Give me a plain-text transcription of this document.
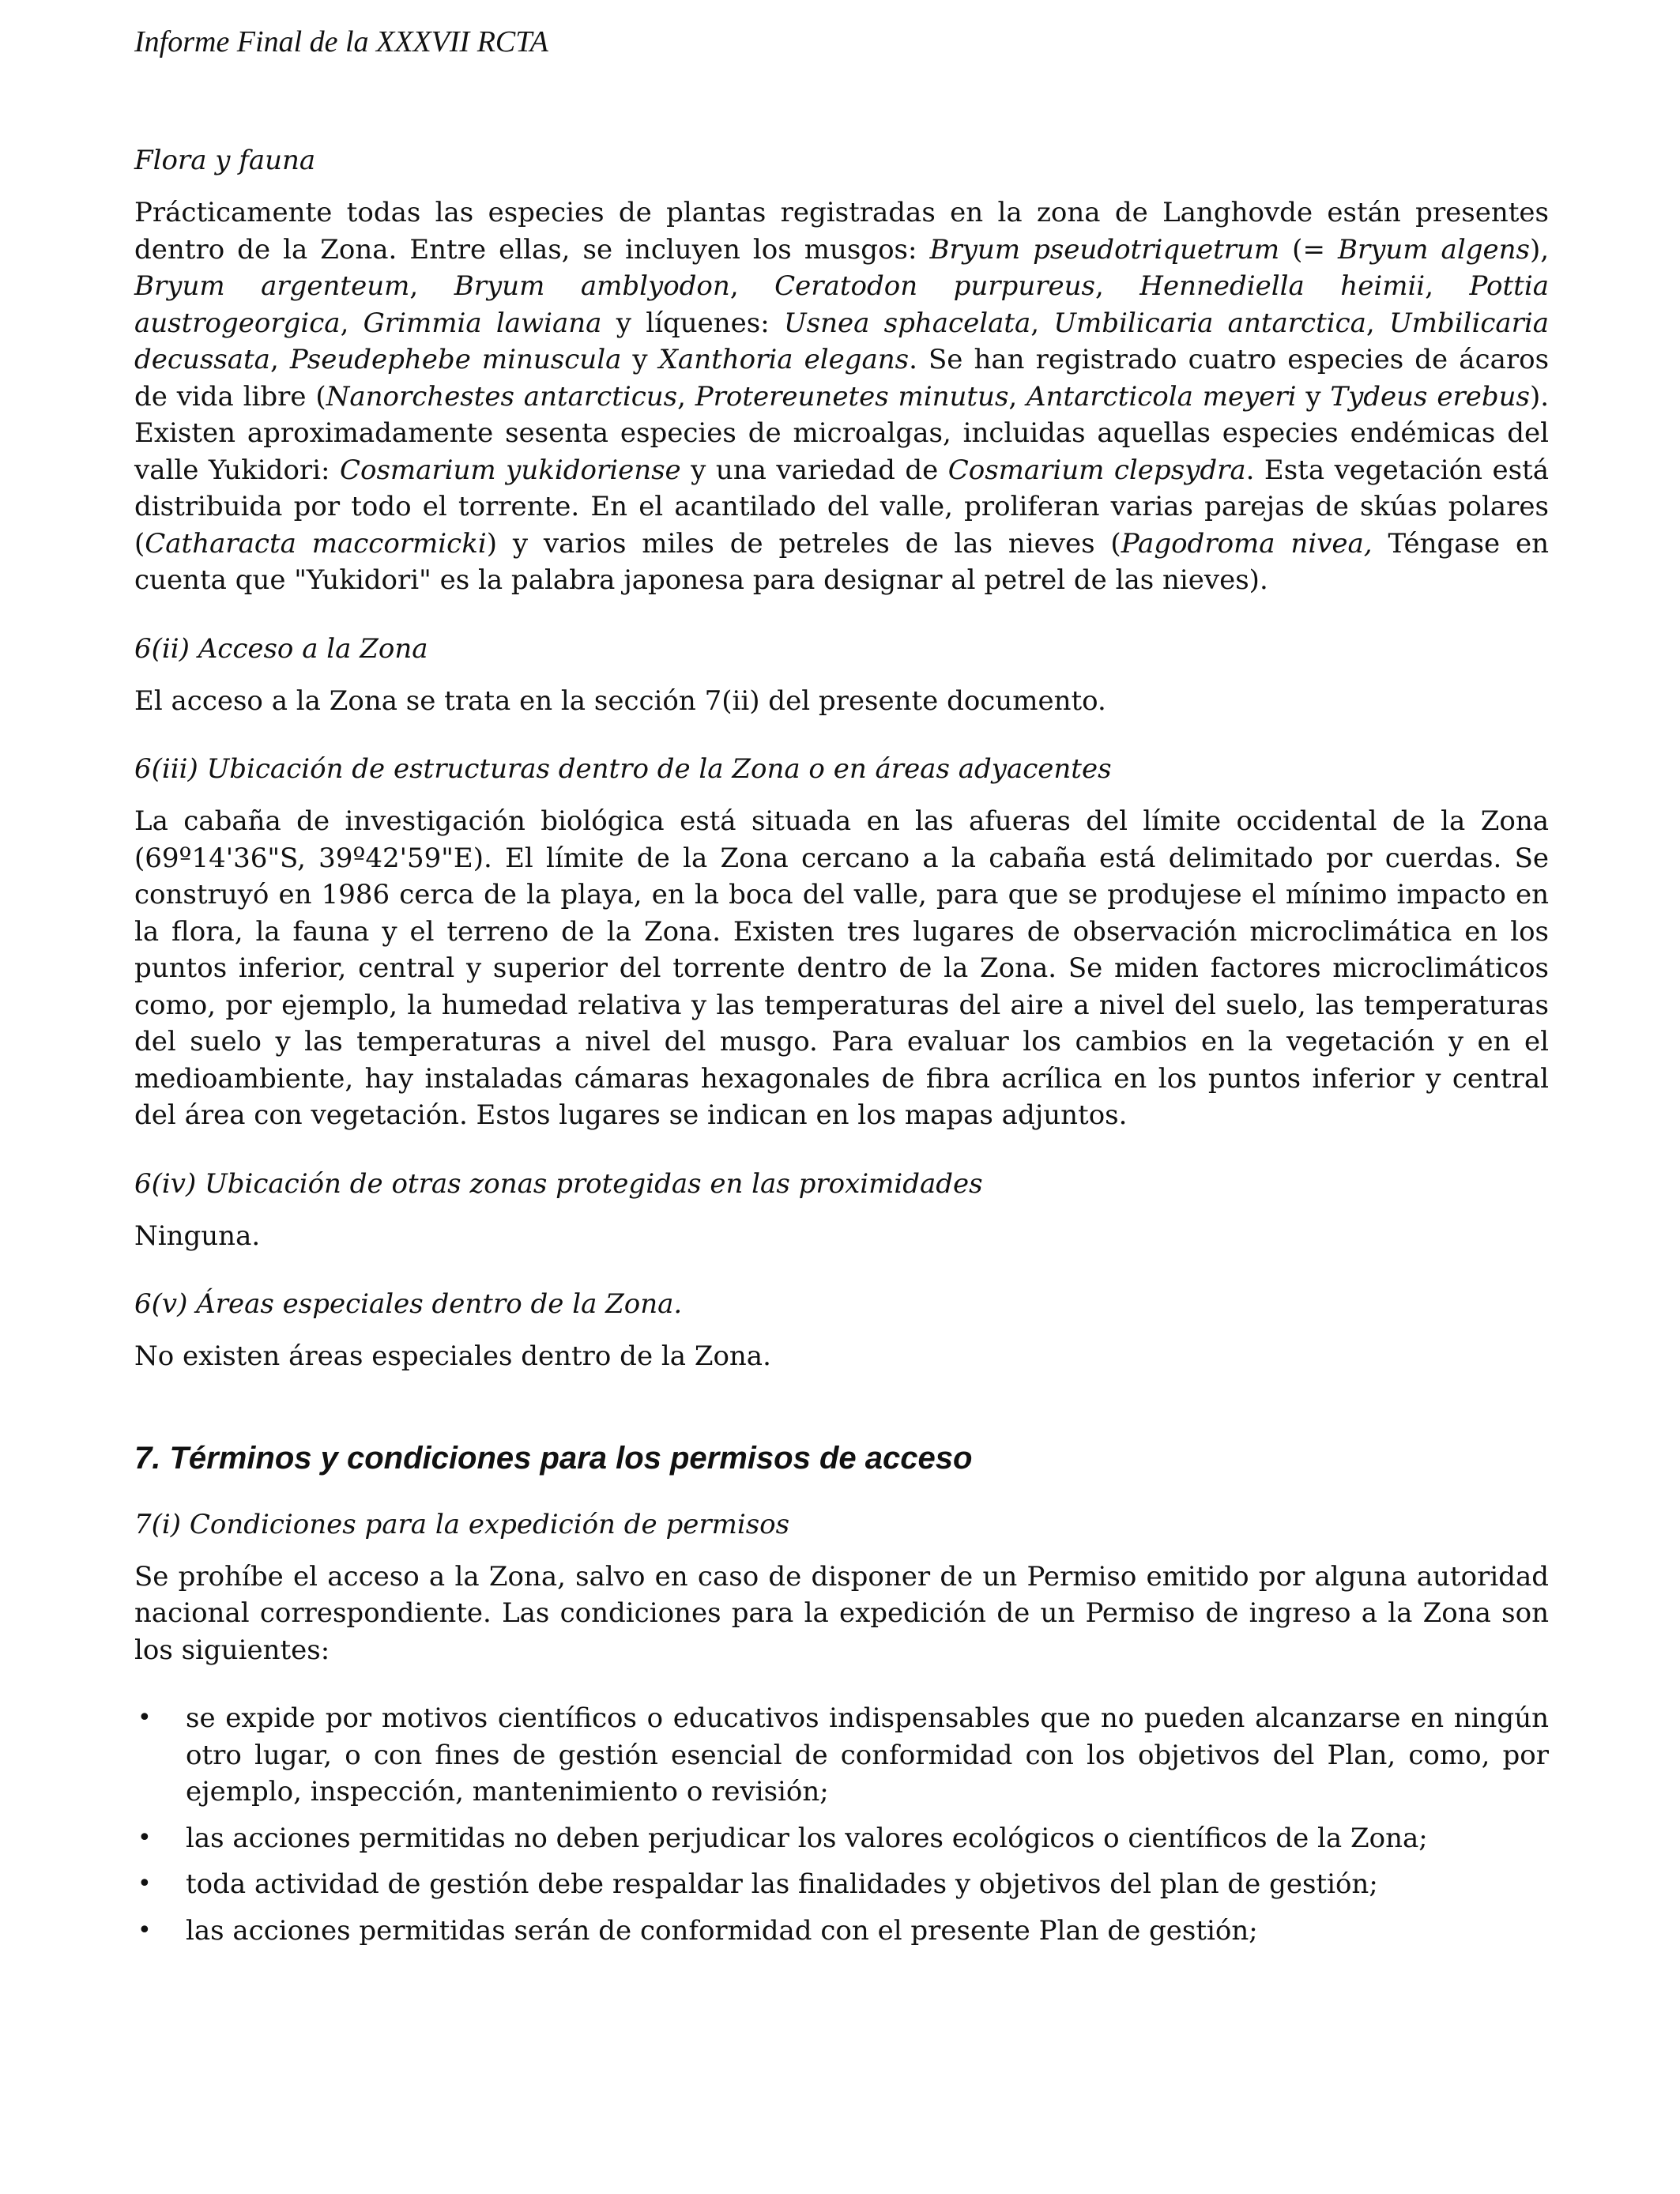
Informe Final de la XXXVII RCTA
Flora y fauna

Prácticamente todas las especies de plantas registradas en la zona de Langhovde están presentes dentro de la Zona. Entre ellas, se incluyen los musgos: Bryum pseudotriquetrum (= Bryum algens), Bryum argenteum, Bryum amblyodon, Ceratodon purpureus, Hennediella heimii, Pottia austrogeorgica, Grimmia lawiana y líquenes: Usnea sphacelata, Umbilicaria antarctica, Umbilicaria decussata, Pseudephebe minuscula y Xanthoria elegans. Se han registrado cuatro especies de ácaros de vida libre (Nanorchestes antarcticus, Protereunetes minutus, Antarcticola meyeri y Tydeus erebus). Existen aproximadamente sesenta especies de microalgas, incluidas aquellas especies endémicas del valle Yukidori: Cosmarium yukidoriense y una variedad de Cosmarium clepsydra. Esta vegetación está distribuida por todo el torrente. En el acantilado del valle, proliferan varias parejas de skúas polares (Catharacta maccormicki) y varios miles de petreles de las nieves (Pagodroma nivea, Téngase en cuenta que "Yukidori" es la palabra japonesa para designar al petrel de las nieves).

6(ii) Acceso a la Zona

El acceso a la Zona se trata en la sección 7(ii) del presente documento.

6(iii) Ubicación de estructuras dentro de la Zona o en áreas adyacentes

La cabaña de investigación biológica está situada en las afueras del límite occidental de la Zona (69º14'36"S, 39º42'59"E). El límite de la Zona cercano a la cabaña está delimitado por cuerdas. Se construyó en 1986 cerca de la playa, en la boca del valle, para que se produjese el mínimo impacto en la flora, la fauna y el terreno de la Zona. Existen tres lugares de observación microclimática en los puntos inferior, central y superior del torrente dentro de la Zona. Se miden factores microclimáticos como, por ejemplo, la humedad relativa y las temperaturas del aire a nivel del suelo, las temperaturas del suelo y las temperaturas a nivel del musgo. Para evaluar los cambios en la vegetación y en el medioambiente, hay instaladas cámaras hexagonales de fibra acrílica en los puntos inferior y central del área con vegetación. Estos lugares se indican en los mapas adjuntos.

6(iv) Ubicación de otras zonas protegidas en las proximidades

Ninguna.

6(v) Áreas especiales dentro de la Zona.

No existen áreas especiales dentro de la Zona.

7. Términos y condiciones para los permisos de acceso
7(i) Condiciones para la expedición de permisos

Se prohíbe el acceso a la Zona, salvo en caso de disponer de un Permiso emitido por alguna autoridad nacional correspondiente. Las condiciones para la expedición de un Permiso de ingreso a la Zona son los siguientes:

• se expide por motivos científicos o educativos indispensables que no pueden alcanzarse en ningún otro lugar, o con fines de gestión esencial de conformidad con los objetivos del Plan, como, por ejemplo, inspección, mantenimiento o revisión;
• las acciones permitidas no deben perjudicar los valores ecológicos o científicos de la Zona;
• toda actividad de gestión debe respaldar las finalidades y objetivos del plan de gestión;
• las acciones permitidas serán de conformidad con el presente Plan de gestión;
